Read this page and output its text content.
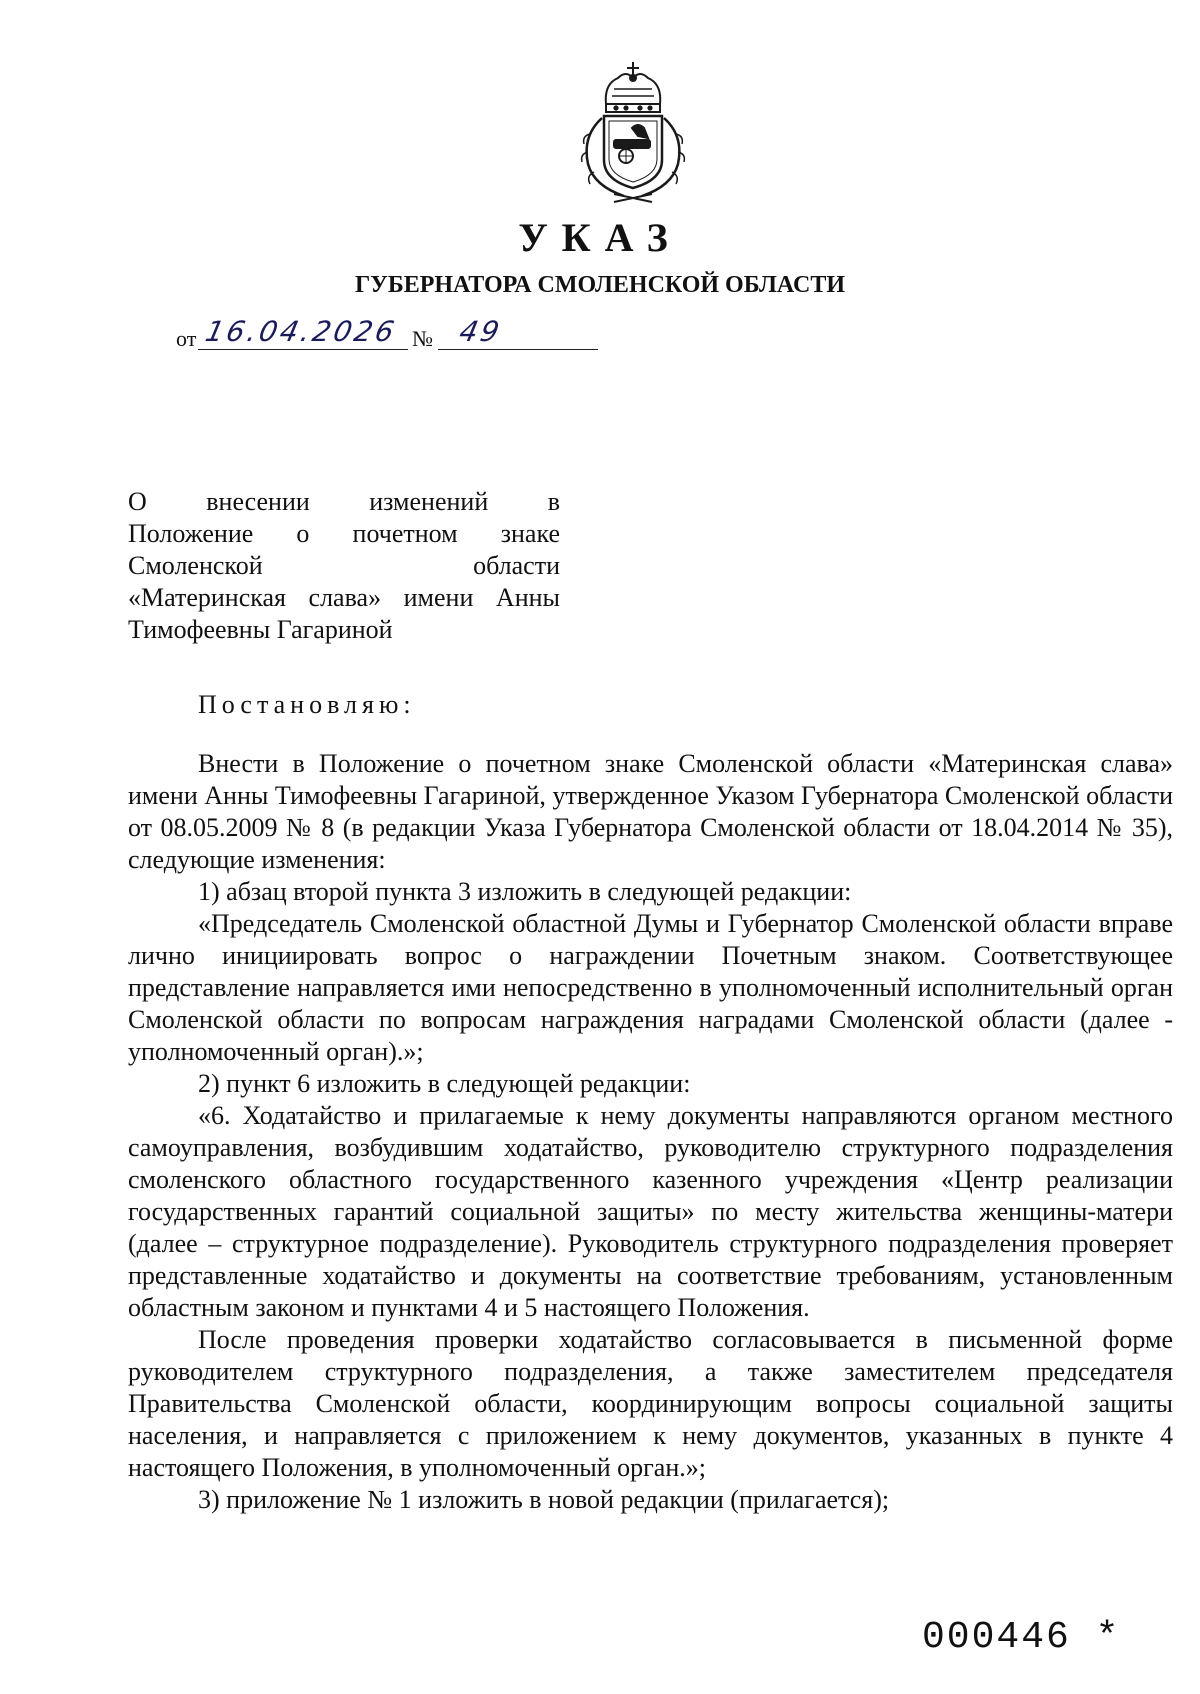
УКАЗ
ГУБЕРНАТОРА СМОЛЕНСКОЙ ОБЛАСТИ
от 16.04.2026 № 49
О внесении изменений в
Положение о почетном знаке
Смоленской области
«Материнская слава» имени Анны
Тимофеевны Гагариной
Постановляю:

Внести в Положение о почетном знаке Смоленской области «Материнская слава» имени Анны Тимофеевны Гагариной, утвержденное Указом Губернатора Смоленской области от 08.05.2009 № 8 (в редакции Указа Губернатора Смоленской области от 18.04.2014 № 35), следующие изменения:

1) абзац второй пункта 3 изложить в следующей редакции:

«Председатель Смоленской областной Думы и Губернатор Смоленской области вправе лично инициировать вопрос о награждении Почетным знаком. Соответствующее представление направляется ими непосредственно в уполномоченный исполнительный орган Смоленской области по вопросам награждения наградами Смоленской области (далее - уполномоченный орган).»;

2) пункт 6 изложить в следующей редакции:

«6. Ходатайство и прилагаемые к нему документы направляются органом местного самоуправления, возбудившим ходатайство, руководителю структурного подразделения смоленского областного государственного казенного учреждения «Центр реализации государственных гарантий социальной защиты» по месту жительства женщины-матери (далее – структурное подразделение). Руководитель структурного подразделения проверяет представленные ходатайство и документы на соответствие требованиям, установленным областным законом и пунктами 4 и 5 настоящего Положения.

После проведения проверки ходатайство согласовывается в письменной форме руководителем структурного подразделения, а также заместителем председателя Правительства Смоленской области, координирующим вопросы социальной защиты населения, и направляется с приложением к нему документов, указанных в пункте 4 настоящего Положения, в уполномоченный орган.»;

3) приложение № 1 изложить в новой редакции (прилагается);

000446 *
